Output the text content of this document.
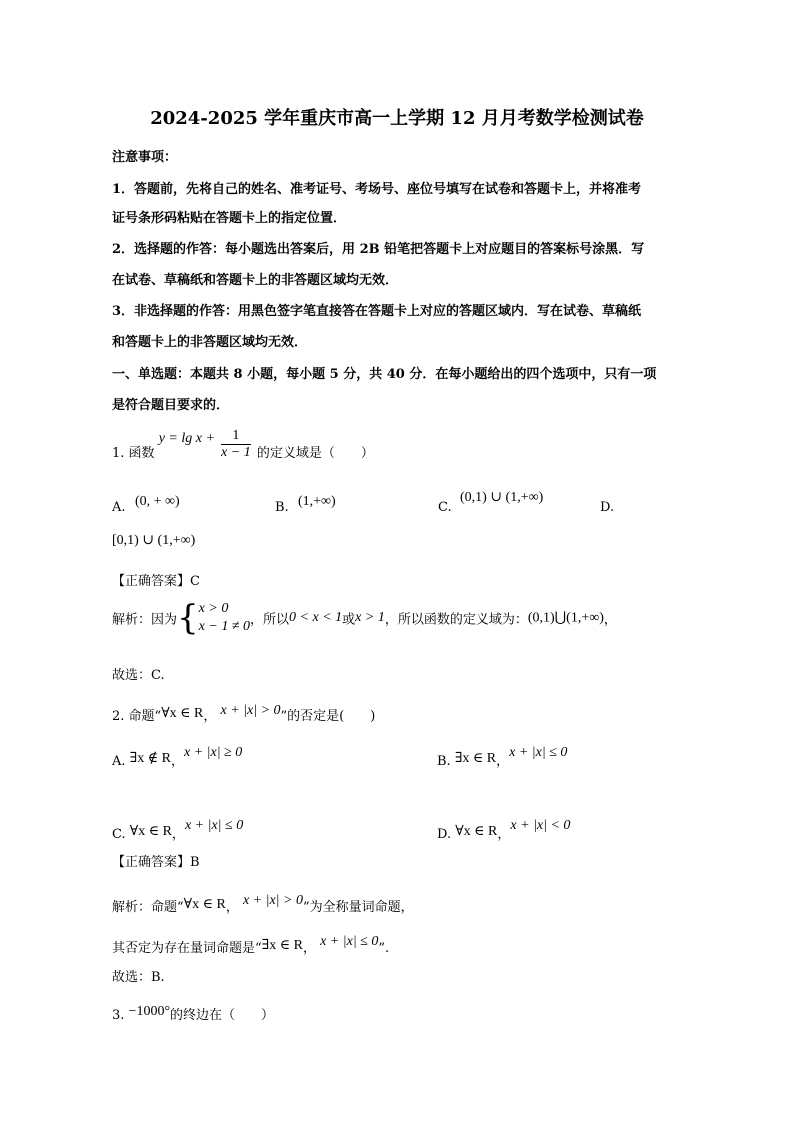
2024-2025 学年重庆市高一上学期 12 月月考数学检测试卷
注意事项：
1．答题前，先将自己的姓名、准考证号、考场号、座位号填写在试卷和答题卡上，并将准考
证号条形码粘贴在答题卡上的指定位置．
2．选择题的作答：每小题选出答案后，用 2B 铅笔把答题卡上对应题目的答案标号涂黑．写
在试卷、草稿纸和答题卡上的非答题区域均无效．
3．非选择题的作答：用黑色签字笔直接答在答题卡上对应的答题区域内．写在试卷、草稿纸
和答题卡上的非答题区域均无效．
一、单选题：本题共 8 小题，每小题 5 分，共 40 分．在每小题给出的四个选项中，只有一项
是符合题目要求的．
1. 函数 $y = \lg x + \frac{1}{x - 1}$ 的定义域是（　　）
A. (0, + ∞)	B. (1,+∞)	C.
(0,1) ∪ (1,+∞)
D.
[0,1) ∪ (1,+∞)
【正确答案】C
解析：因为{ x > 0
x − 1 ≠ 0 ，所以0 < x < 1或x > 1，所以函数的定义域为：(0,1)⋃(1,+∞)，
故选：C.
2. 命题“∀x ∈ R， x + |x| > 0”的否定是(　　)
A. ∃x ∉ R，x + |x| ≥ 0
B. ∃x ∈ R，x + |x| ≤ 0
C. ∀x ∈ R，x + |x| ≤ 0
D. ∀x ∈ R，x + |x| < 0
【正确答案】B
解析：命题“∀x ∈ R， x + |x| > 0”为全称量词命题，
其否定为存在量词命题是“∃x ∈ R， x + |x| ≤ 0”.
故选：B.
3. −1000°的终边在（　　）
